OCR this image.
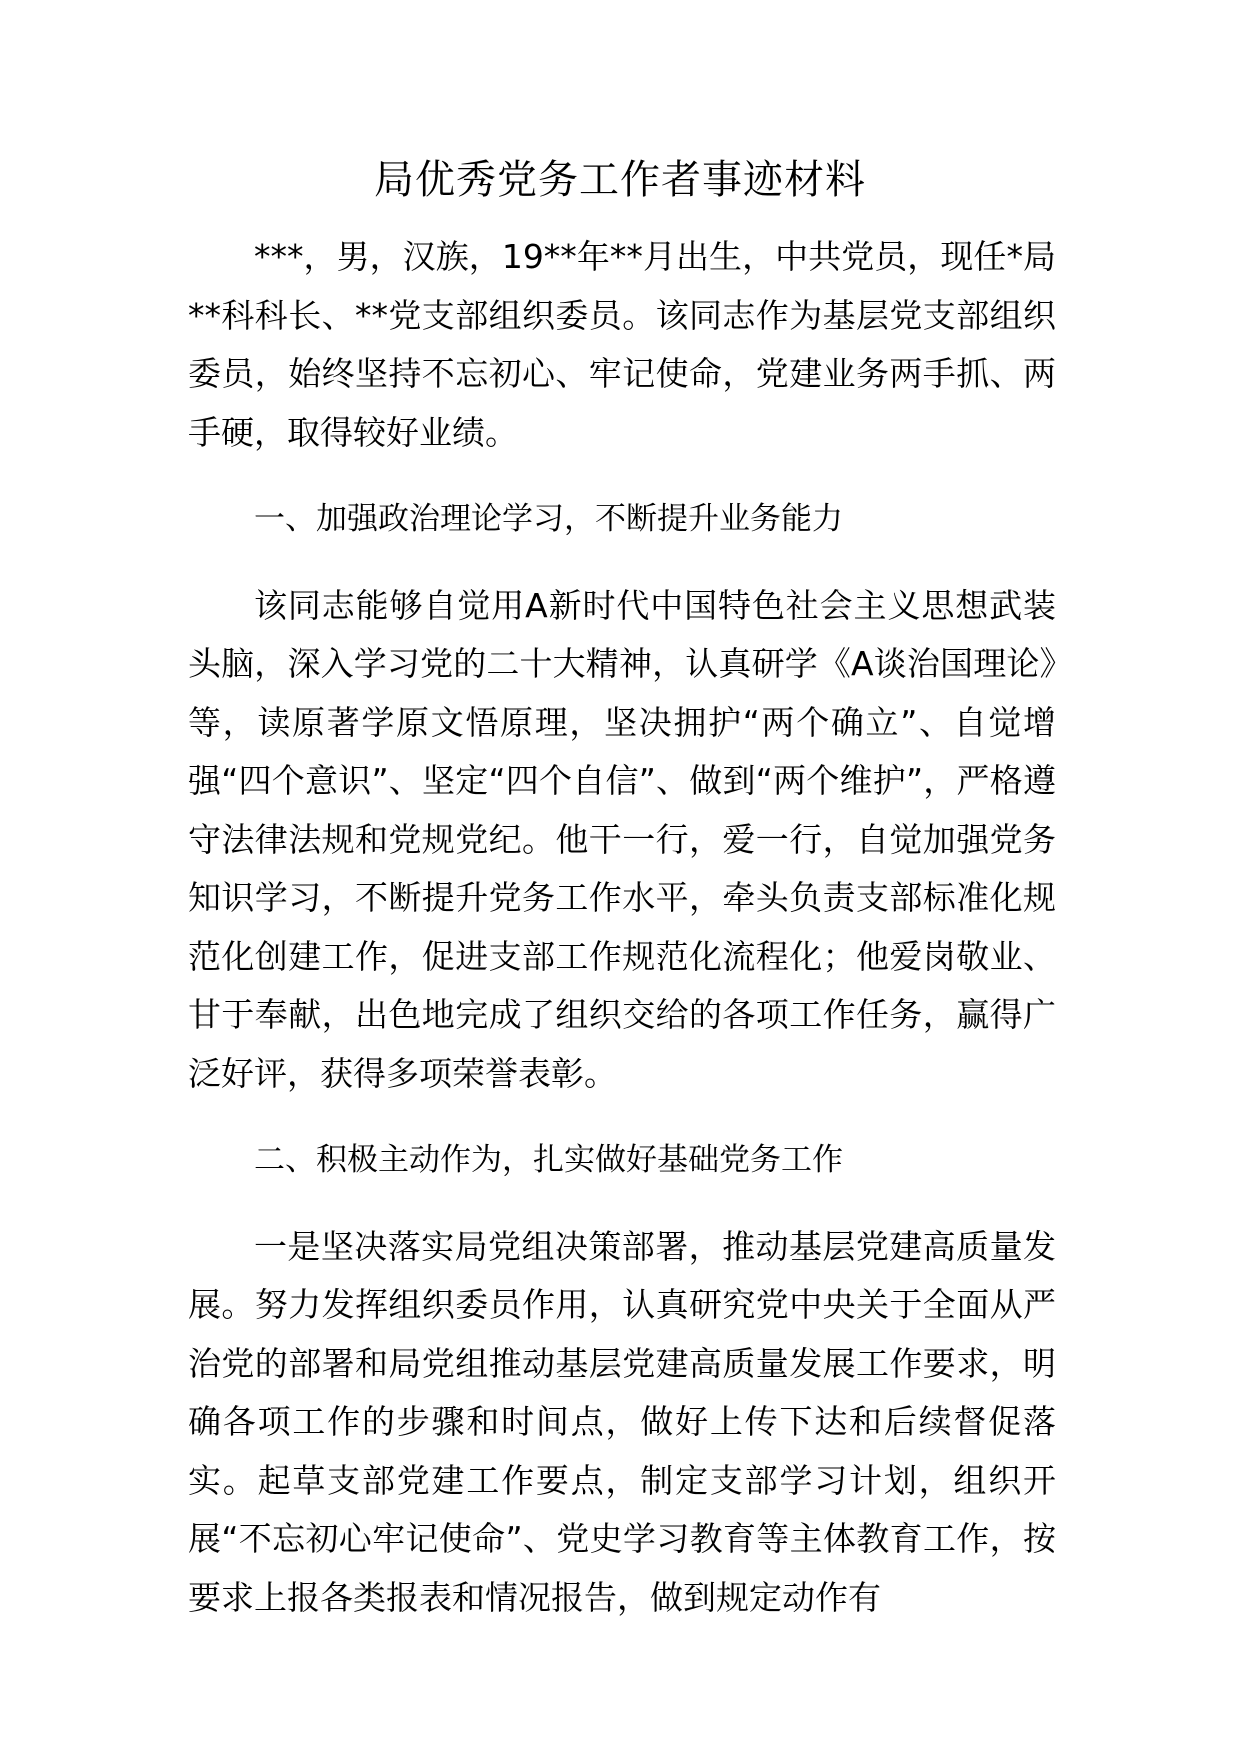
局优秀党务工作者事迹材料

***，男，汉族，19**年**月出生，中共党员，现任*局**科科长、**党支部组织委员。该同志作为基层党支部组织委员，始终坚持不忘初心、牢记使命，党建业务两手抓、两手硬，取得较好业绩。

一、加强政治理论学习，不断提升业务能力

该同志能够自觉用A新时代中国特色社会主义思想武装头脑，深入学习党的二十大精神，认真研学《A谈治国理论》等，读原著学原文悟原理，坚决拥护“两个确立”、自觉增强“四个意识”、坚定“四个自信”、做到“两个维护”，严格遵守法律法规和党规党纪。他干一行，爱一行，自觉加强党务知识学习，不断提升党务工作水平，牵头负责支部标准化规范化创建工作，促进支部工作规范化流程化；他爱岗敬业、甘于奉献，出色地完成了组织交给的各项工作任务，赢得广泛好评，获得多项荣誉表彰。

二、积极主动作为，扎实做好基础党务工作

一是坚决落实局党组决策部署，推动基层党建高质量发展。努力发挥组织委员作用，认真研究党中央关于全面从严治党的部署和局党组推动基层党建高质量发展工作要求，明确各项工作的步骤和时间点，做好上传下达和后续督促落实。起草支部党建工作要点，制定支部学习计划，组织开展“不忘初心牢记使命”、党史学习教育等主体教育工作，按要求上报各类报表和情况报告，做到规定动作有
